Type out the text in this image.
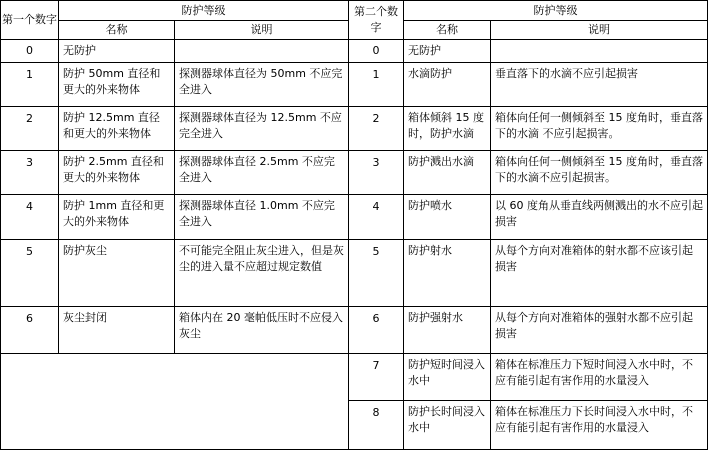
第一个数字	防护等级		第二个数字	防护等级	
	名称	说明		名称	说明
0	无防护		0	无防护	
1	防护 50mm 直径和更大的外来物体	探测器球体直径为 50mm 不应完全进入	1	水滴防护	垂直落下的水滴不应引起损害
2	防护 12.5mm 直径和更大的外来物体	探测器球体直径为 12.5mm 不应完全进入	2	箱体倾斜 15 度时，防护水滴	箱体向任何一侧倾斜至 15 度角时，垂直落下的水滴 不应引起损害。
3	防护 2.5mm 直径和更大的外来物体	探测器球体直径 2.5mm 不应完全进入	3	防护溅出水滴	箱体向任何一侧倾斜至 15 度角时，垂直落下的水滴不应引起损害。
4	防护 1mm 直径和更大的外来物体	探测器球体直径 1.0mm 不应完全进入	4	防护喷水	以 60 度角从垂直线两侧溅出的水不应引起损害
5	防护灰尘	不可能完全阻止灰尘进入，但是灰尘的进入量不应超过规定数值	5	防护射水	从每个方向对准箱体的射水都不应该引起损害
6	灰尘封闭	箱体内在 20 毫帕低压时不应侵入灰尘	6	防护强射水	从每个方向对准箱体的强射水都不应引起损害
			7	防护短时间浸入水中	箱体在标准压力下短时间浸入水中时，不应有能引起有害作用的水量浸入
			8	防护长时间浸入水中	箱体在标准压力下长时间浸入水中时，不应有能引起有害作用的水量浸入
